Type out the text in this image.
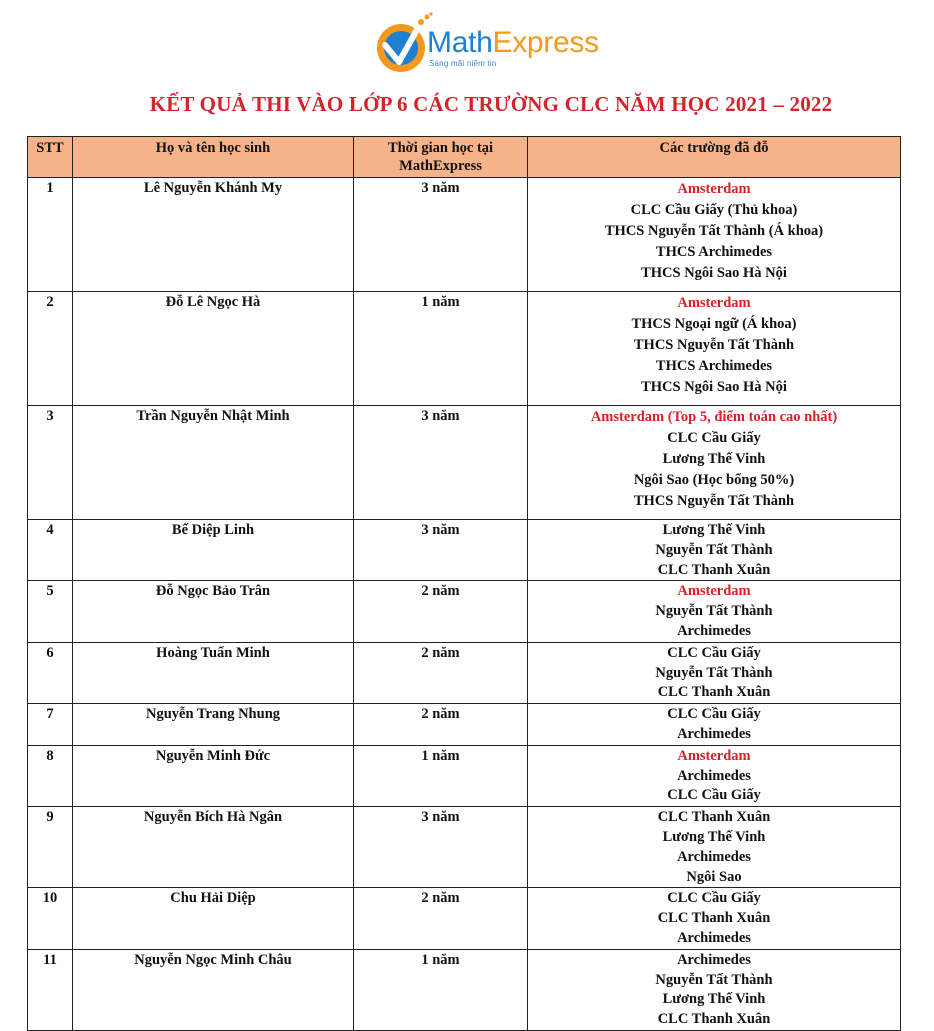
MathExpress
Sáng mãi niềm tin
KẾT QUẢ THI VÀO LỚP 6 CÁC TRƯỜNG CLC NĂM HỌC 2021 – 2022
STT	Họ và tên học sinh	Thời gian học tại MathExpress	Các trường đã đỗ
1	Lê Nguyễn Khánh My	3 năm	Amsterdam
CLC Cầu Giấy (Thủ khoa)
THCS Nguyễn Tất Thành (Á khoa)
THCS Archimedes
THCS Ngôi Sao Hà Nội

2	Đỗ Lê Ngọc Hà	1 năm	Amsterdam
THCS Ngoại ngữ (Á khoa)
THCS Nguyễn Tất Thành
THCS Archimedes
THCS Ngôi Sao Hà Nội

3	Trần Nguyễn Nhật Minh	3 năm	Amsterdam (Top 5, điểm toán cao nhất)
CLC Cầu Giấy
Lương Thế Vinh
Ngôi Sao (Học bổng 50%)
THCS Nguyễn Tất Thành

4	Bế Diệp Linh	3 năm	Lương Thế Vinh
Nguyễn Tất Thành
CLC Thanh Xuân

5	Đỗ Ngọc Bảo Trân	2 năm	Amsterdam
Nguyễn Tất Thành
Archimedes

6	Hoàng Tuấn Minh	2 năm	CLC Cầu Giấy
Nguyễn Tất Thành
CLC Thanh Xuân

7	Nguyễn Trang Nhung	2 năm	CLC Cầu Giấy
Archimedes

8	Nguyễn Minh Đức	1 năm	Amsterdam
Archimedes
CLC Cầu Giấy

9	Nguyễn Bích Hà Ngân	3 năm	CLC Thanh Xuân
Lương Thế Vinh
Archimedes
Ngôi Sao

10	Chu Hải Diệp	2 năm	CLC Cầu Giấy
CLC Thanh Xuân
Archimedes

11	Nguyễn Ngọc Minh Châu	1 năm	Archimedes
Nguyễn Tất Thành
Lương Thế Vinh
CLC Thanh Xuân
